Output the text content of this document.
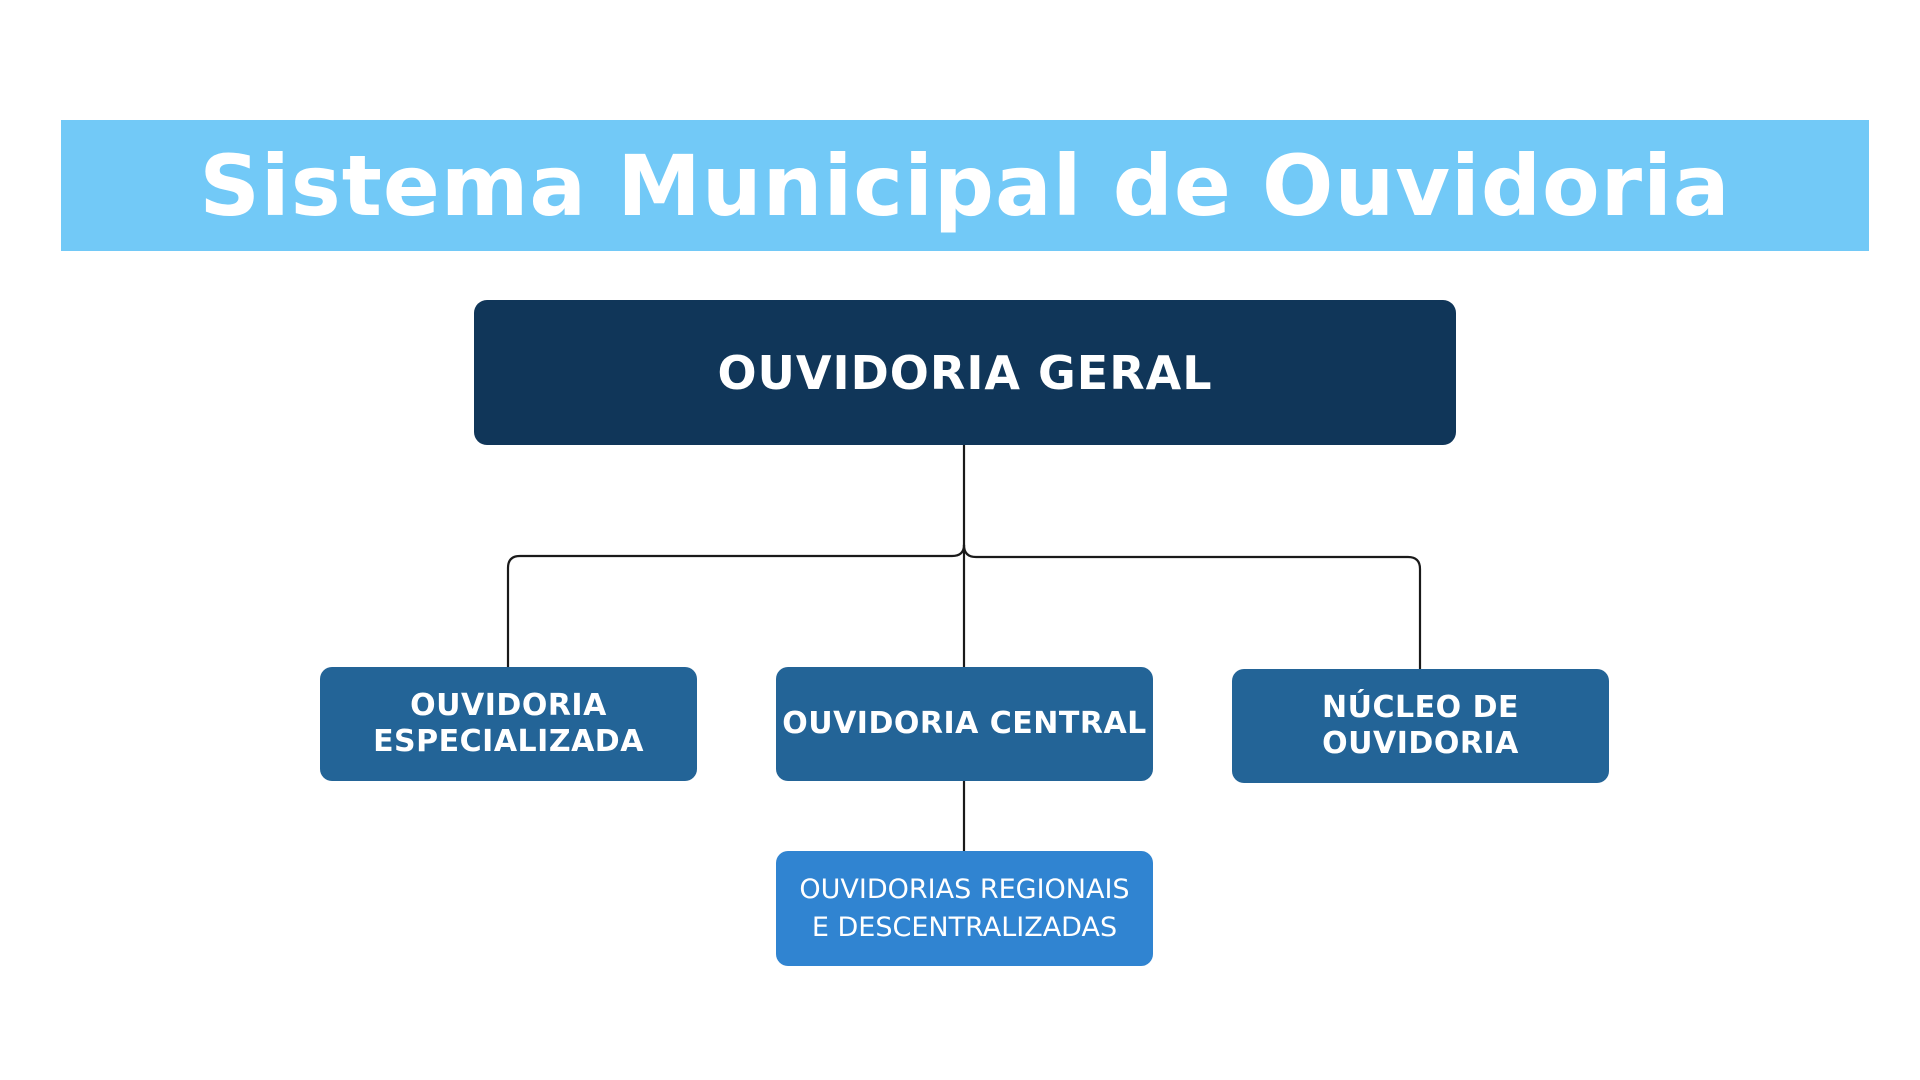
Sistema Municipal de Ouvidoria
OUVIDORIA GERAL
OUVIDORIA
ESPECIALIZADA
OUVIDORIA CENTRAL	NÚCLEO DE
OUVIDORIA
OUVIDORIAS REGIONAIS
E DESCENTRALIZADAS
